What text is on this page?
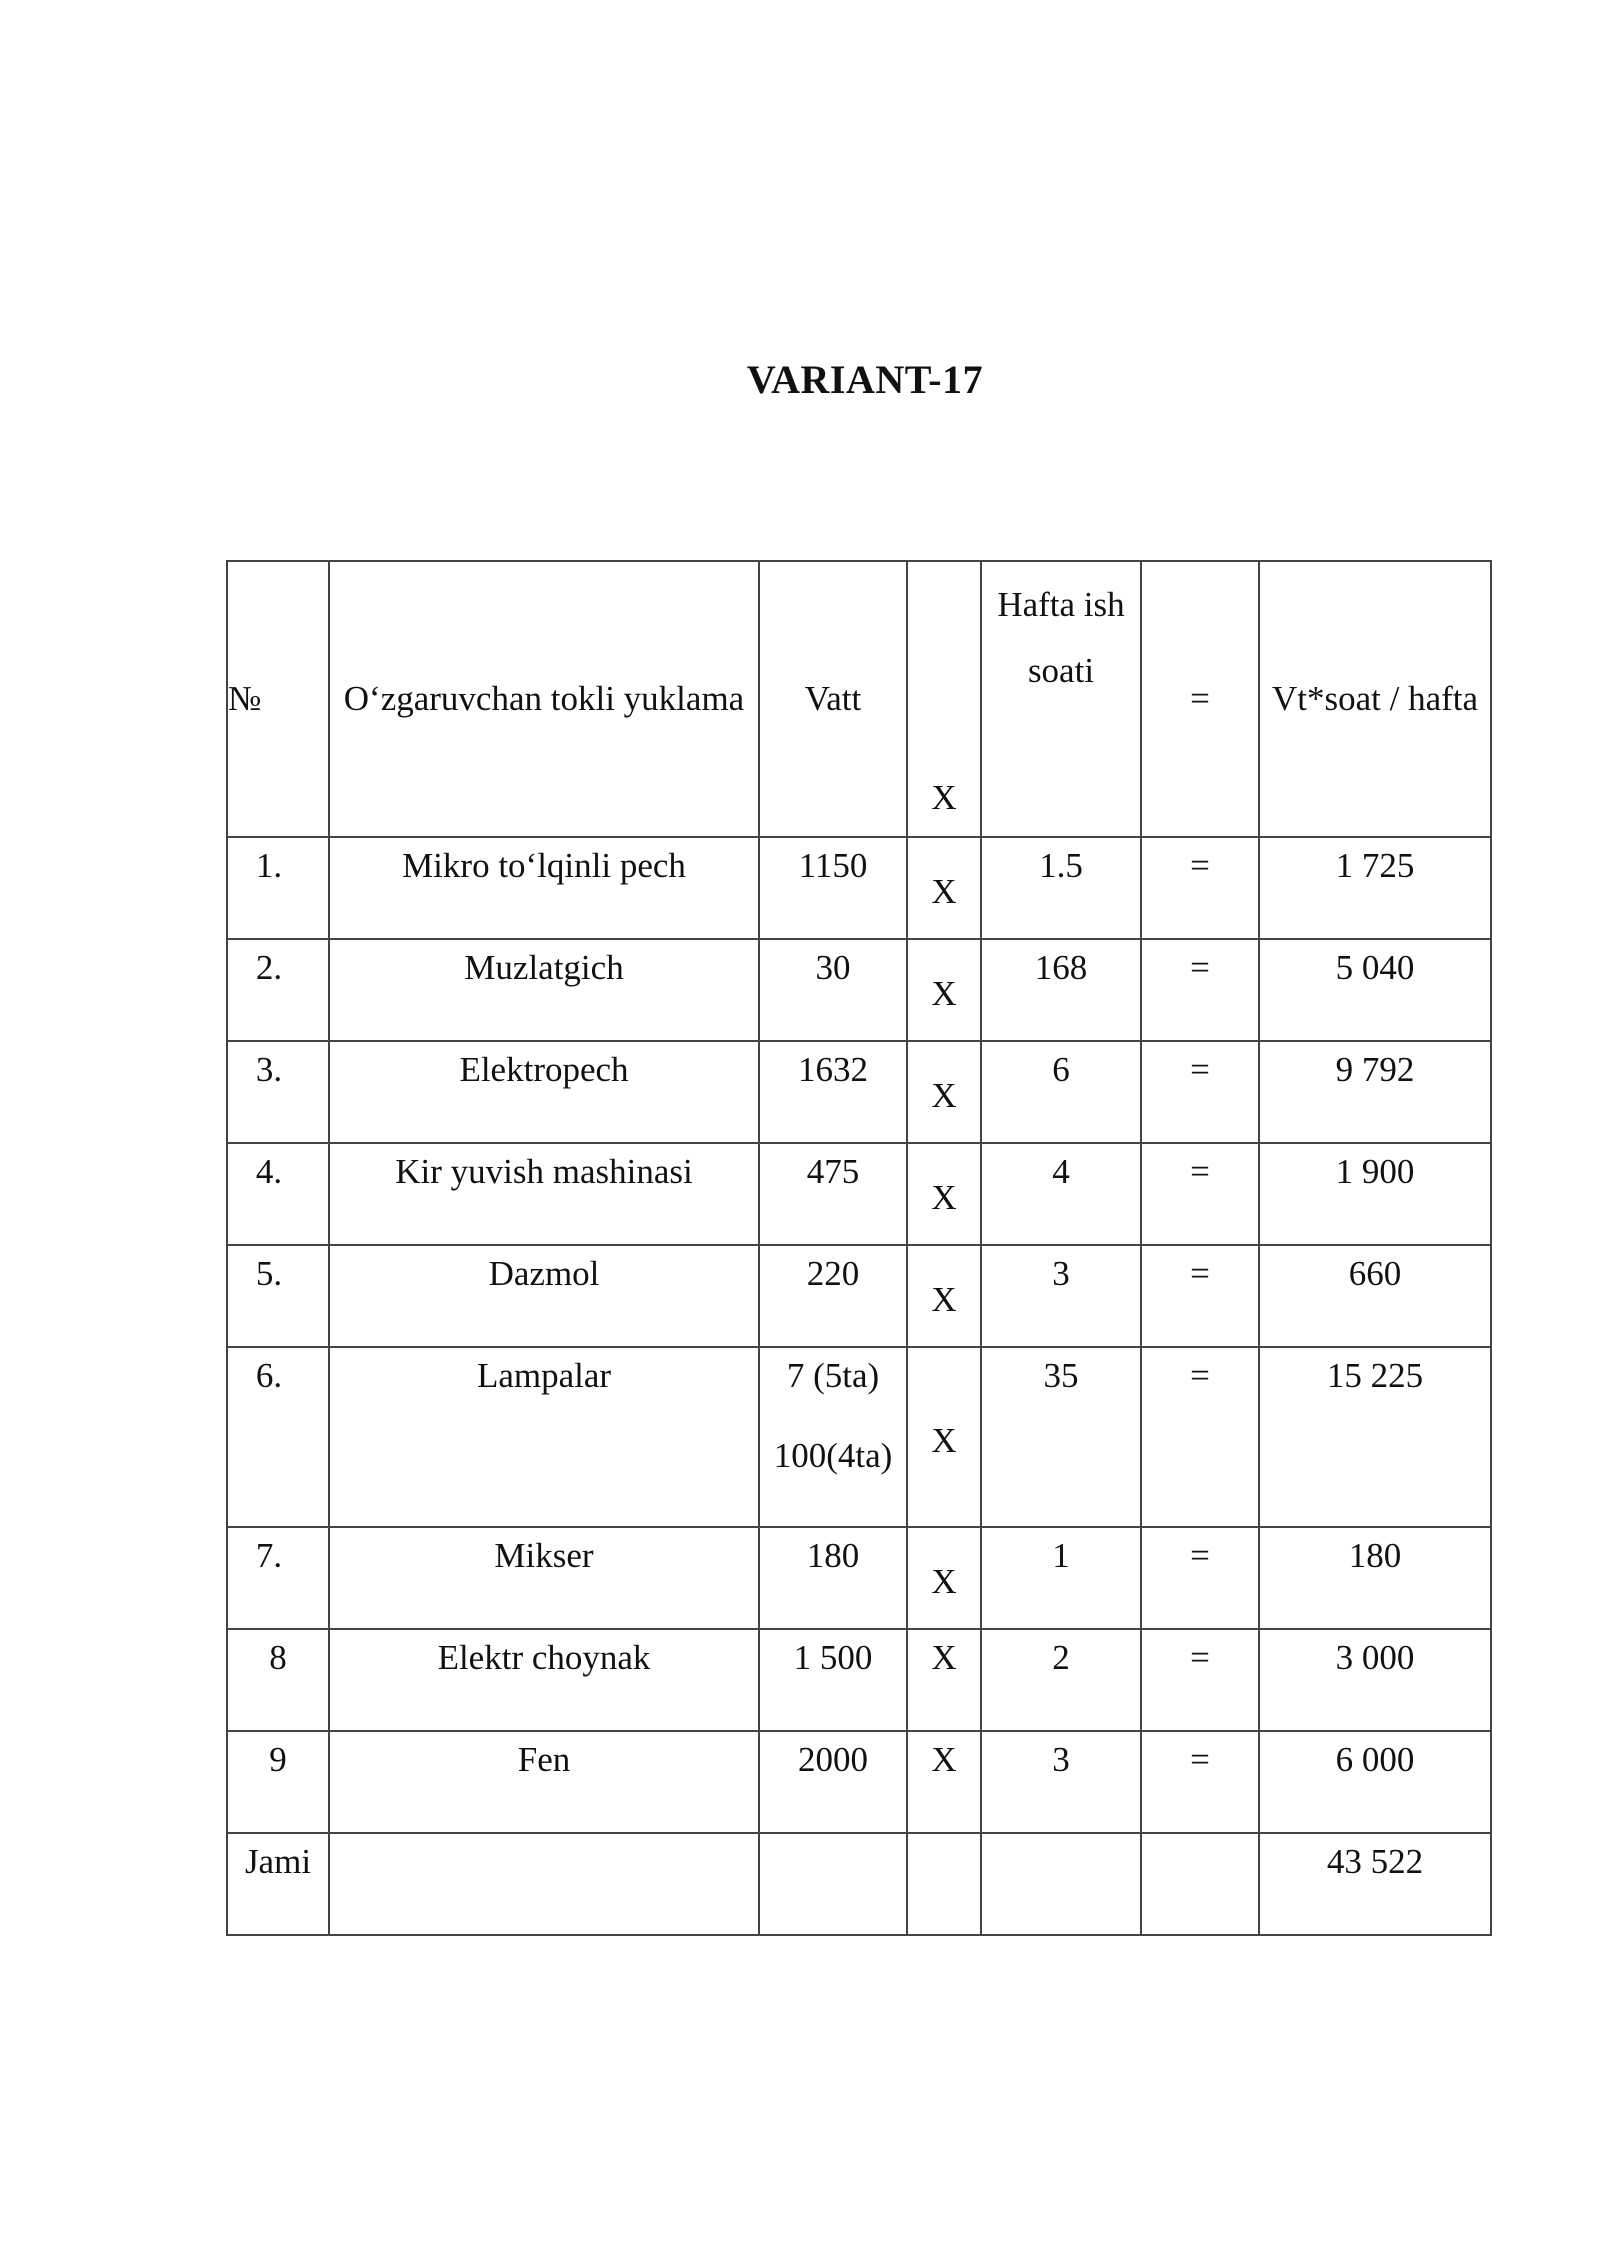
VARIANT-17
№	O‘zgaruvchan tokli yuklama	Vatt	X	Hafta ish soati	=	Vt*soat / hafta
1.	Mikro to‘lqinli pech	1150	X	1.5	=	1 725
2.	Muzlatgich	30	X	168	=	5 040
3.	Elektropech	1632	X	6	=	9 792
4.	Kir yuvish mashinasi	475	X	4	=	1 900
5.	Dazmol	220	X	3	=	660
6.	Lampalar	7 (5ta)
100(4ta)	X	35	=	15 225
7.	Mikser	180	X	1	=	180
8	Elektr choynak	1 500	X	2	=	3 000
9	Fen	2000	X	3	=	6 000
Jami						43 522
